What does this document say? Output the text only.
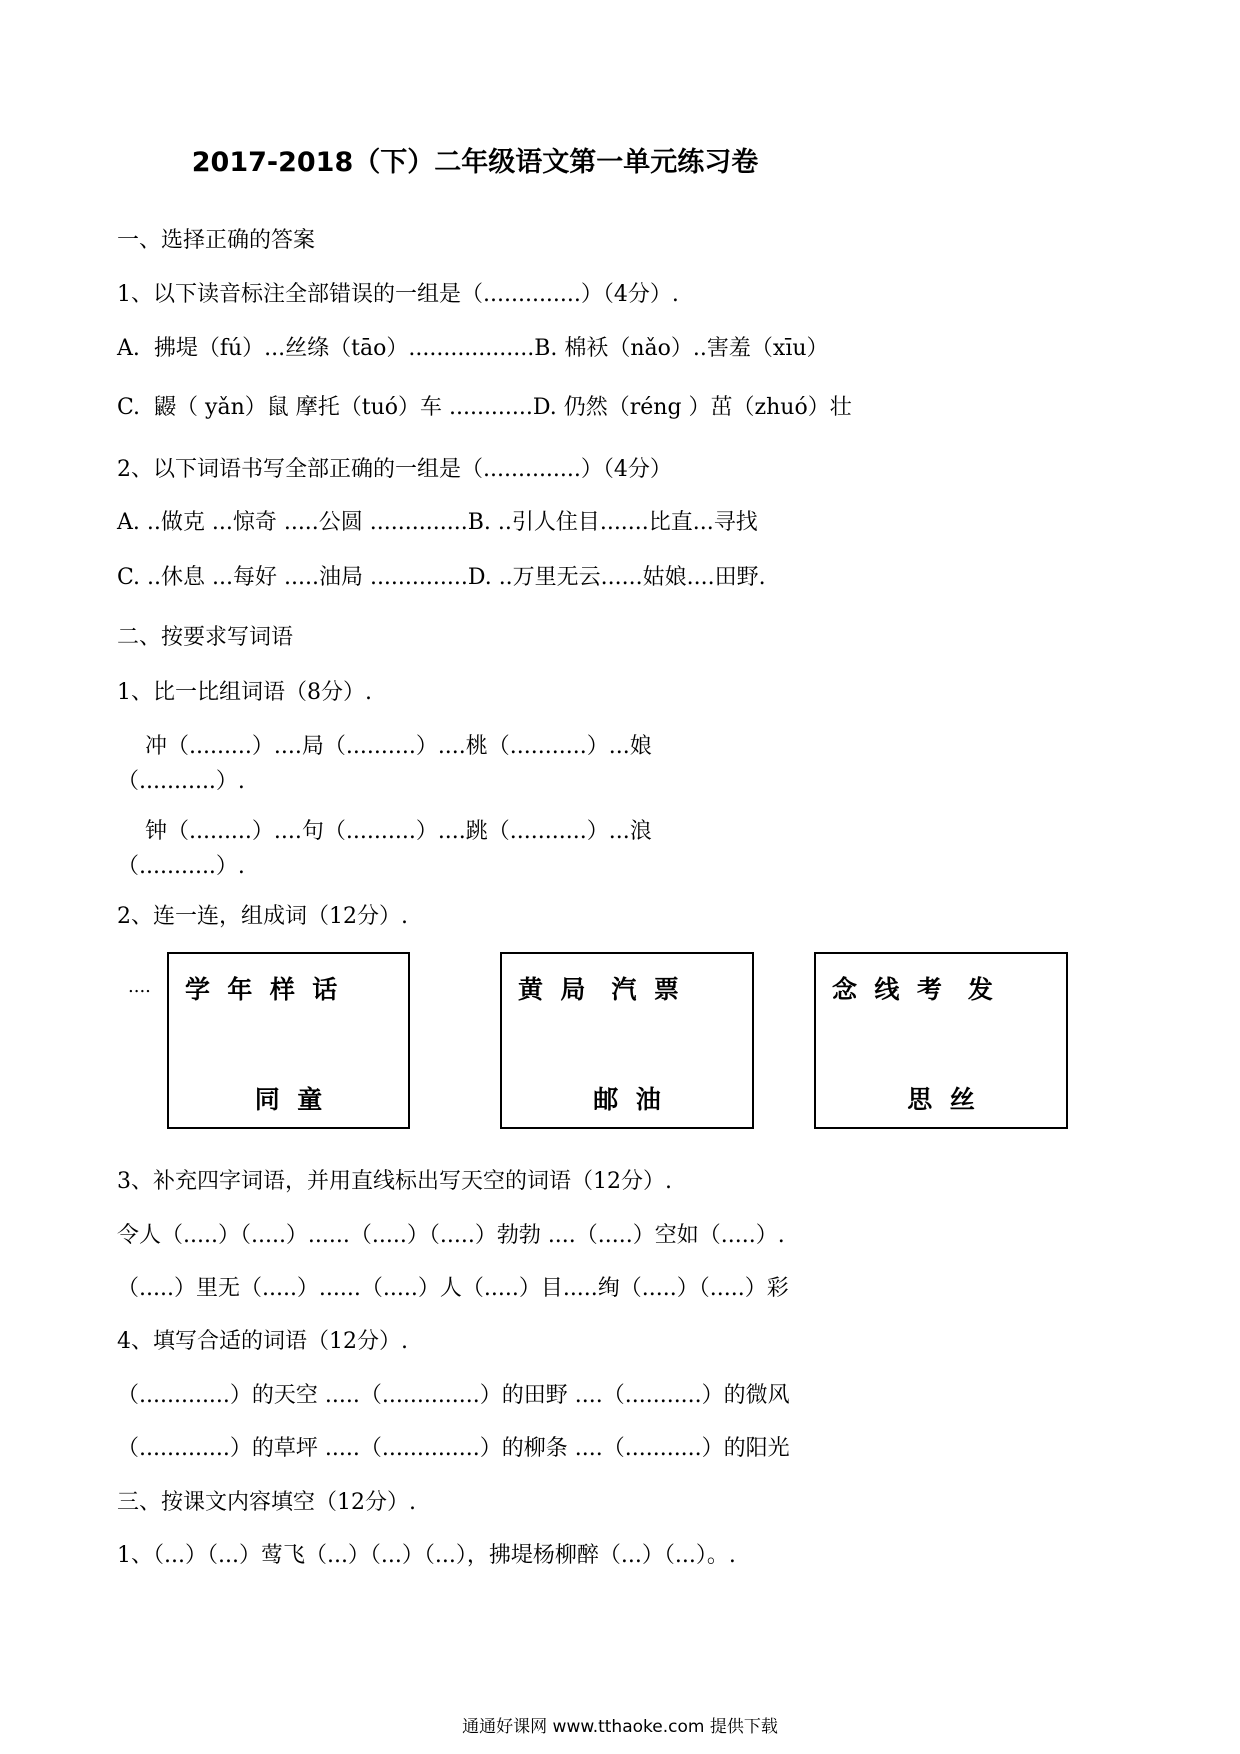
2017-2018（下）二年级语文第一单元练习卷
一、选择正确的答案
1、以下读音标注全部错误的一组是（..............）（4分）.
A.  拂堤（fú）...丝绦（tāo）..................B. 棉袄（nǎo）..害羞（xīu）
C.  鼹（ yǎn）鼠 摩托（tuó）车 ............D. 仍然（réng ）茁（zhuó）壮
2、以下词语书写全部正确的一组是（..............）（4分）
A. ..做克 ...惊奇 .....公圆 ..............B. ..引人住目.......比直...寻找
C. ..休息 ...每好 .....油局 ..............D. ..万里无云......姑娘....田野.
二、按要求写词语
1、比一比组词语（8分）.
冲（.........）....局（..........）....桃（...........）...娘
（...........）.
钟（.........）....句（..........）....跳（...........）...浪
（...........）.
2、连一连，组成词（12分）.
....	学  年  样  话
同  童
黄  局   汽  票
邮  油
念  线  考   发
思  丝
3、补充四字词语，并用直线标出写天空的词语（12分）.
令人（.....）（.....）......（.....）（.....）勃勃 ....（.....）空如（.....）.
（.....）里无（.....）......（.....）人（.....）目.....绚（.....）（.....）彩
4、填写合适的词语（12分）.
（.............）的天空 .....（..............）的田野 ....（...........）的微风
（.............）的草坪 .....（..............）的柳条 ....（...........）的阳光
三、按课文内容填空（12分）.
1、（...）（...）莺飞（...）（...）（...），拂堤杨柳醉（...）（...）。.
通通好课网 www.tthaoke.com 提供下载
